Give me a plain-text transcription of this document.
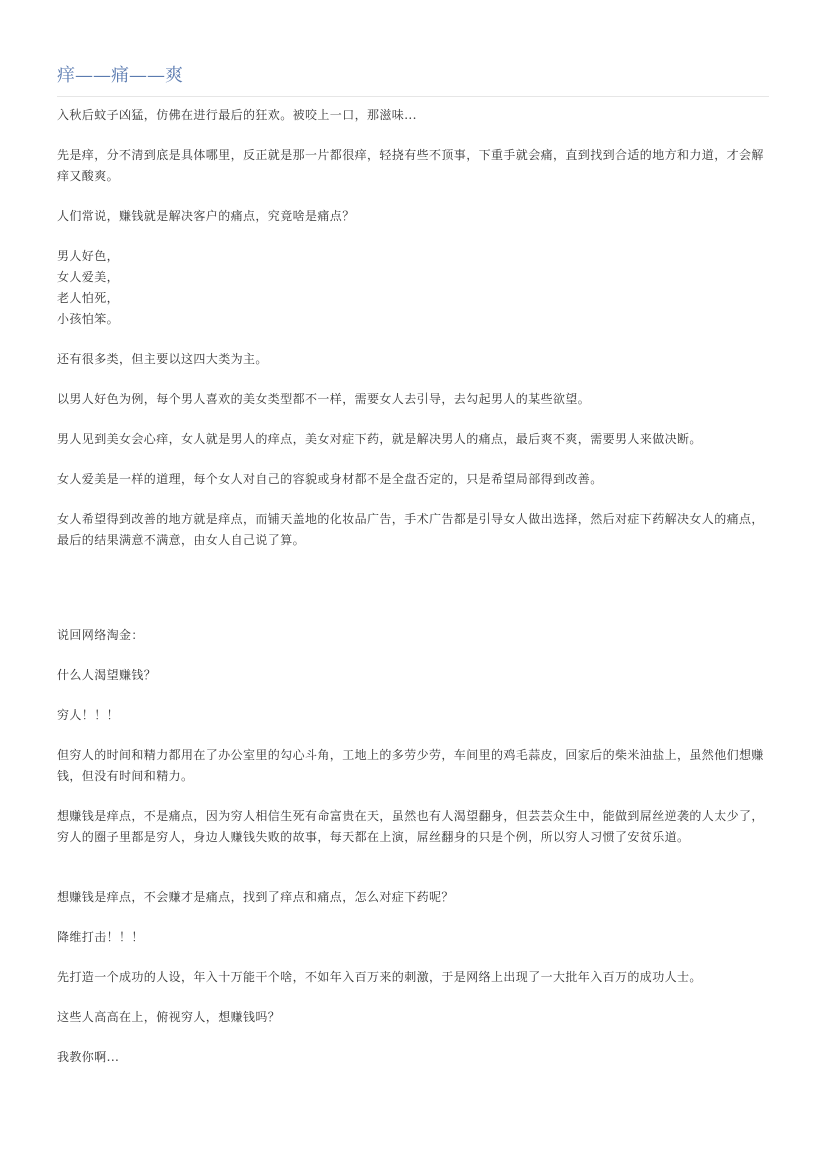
痒——痛——爽

入秋后蚊子凶猛，仿佛在进行最后的狂欢。被咬上一口，那滋味...

先是痒，分不清到底是具体哪里，反正就是那一片都很痒，轻挠有些不顶事，下重手就会痛，直到找到合适的地方和力道，才会解痒又酸爽。

人们常说，赚钱就是解决客户的痛点，究竟啥是痛点？

男人好色，

女人爱美，

老人怕死，

小孩怕笨。

还有很多类，但主要以这四大类为主。

以男人好色为例，每个男人喜欢的美女类型都不一样，需要女人去引导，去勾起男人的某些欲望。

男人见到美女会心痒，女人就是男人的痒点，美女对症下药，就是解决男人的痛点，最后爽不爽，需要男人来做决断。

女人爱美是一样的道理，每个女人对自己的容貌或身材都不是全盘否定的，只是希望局部得到改善。

女人希望得到改善的地方就是痒点，而铺天盖地的化妆品广告，手术广告都是引导女人做出选择，然后对症下药解决女人的痛点，最后的结果满意不满意，由女人自己说了算。

说回网络淘金：

什么人渴望赚钱？

穷人！！！

但穷人的时间和精力都用在了办公室里的勾心斗角，工地上的多劳少劳，车间里的鸡毛蒜皮，回家后的柴米油盐上，虽然他们想赚钱，但没有时间和精力。

想赚钱是痒点，不是痛点，因为穷人相信生死有命富贵在天，虽然也有人渴望翻身，但芸芸众生中，能做到屌丝逆袭的人太少了，穷人的圈子里都是穷人，身边人赚钱失败的故事，每天都在上演，屌丝翻身的只是个例，所以穷人习惯了安贫乐道。

想赚钱是痒点，不会赚才是痛点，找到了痒点和痛点，怎么对症下药呢？

降维打击！！！

先打造一个成功的人设，年入十万能干个啥，不如年入百万来的刺激，于是网络上出现了一大批年入百万的成功人士。

这些人高高在上，俯视穷人，想赚钱吗？

我教你啊...
